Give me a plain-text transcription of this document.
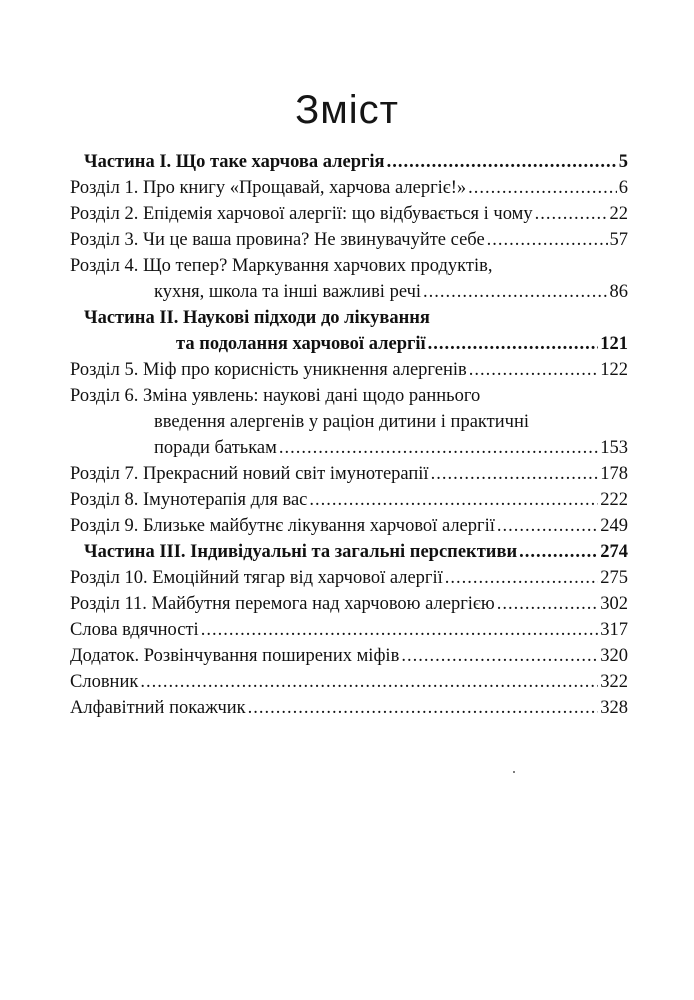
Зміст
Частина I. Що таке харчова алергія .....	5
Розділ 1. Про книгу «Прощавай, харчова алергіє!» .....	6
Розділ 2. Епідемія харчової алергії: що відбувається і чому .....	22
Розділ 3. Чи це ваша провина? Не звинувачуйте себе .....	57
Розділ 4. Що тепер? Маркування харчових продуктів,
кухня, школа та інші важливі речі .....	86
Частина II. Наукові підходи до лікування
та подолання харчової алергії .....	121
Розділ 5. Міф про корисність уникнення алергенів .....	122
Розділ 6. Зміна уявлень: наукові дані щодо раннього
введення алергенів у раціон дитини і практичні
поради батькам .....	153
Розділ 7. Прекрасний новий світ імунотерапії .....	178
Розділ 8. Імунотерапія для вас .....	222
Розділ 9. Близьке майбутнє лікування харчової алергії .....	249
Частина III. Індивідуальні та загальні перспективи .....	274
Розділ 10. Емоційний тягар від харчової алергії .....	275
Розділ 11. Майбутня перемога над харчовою алергією .....	302
Слова вдячності .....	317
Додаток. Розвінчування поширених міфів .....	320
Словник .....	322
Алфавітний покажчик .....	328
